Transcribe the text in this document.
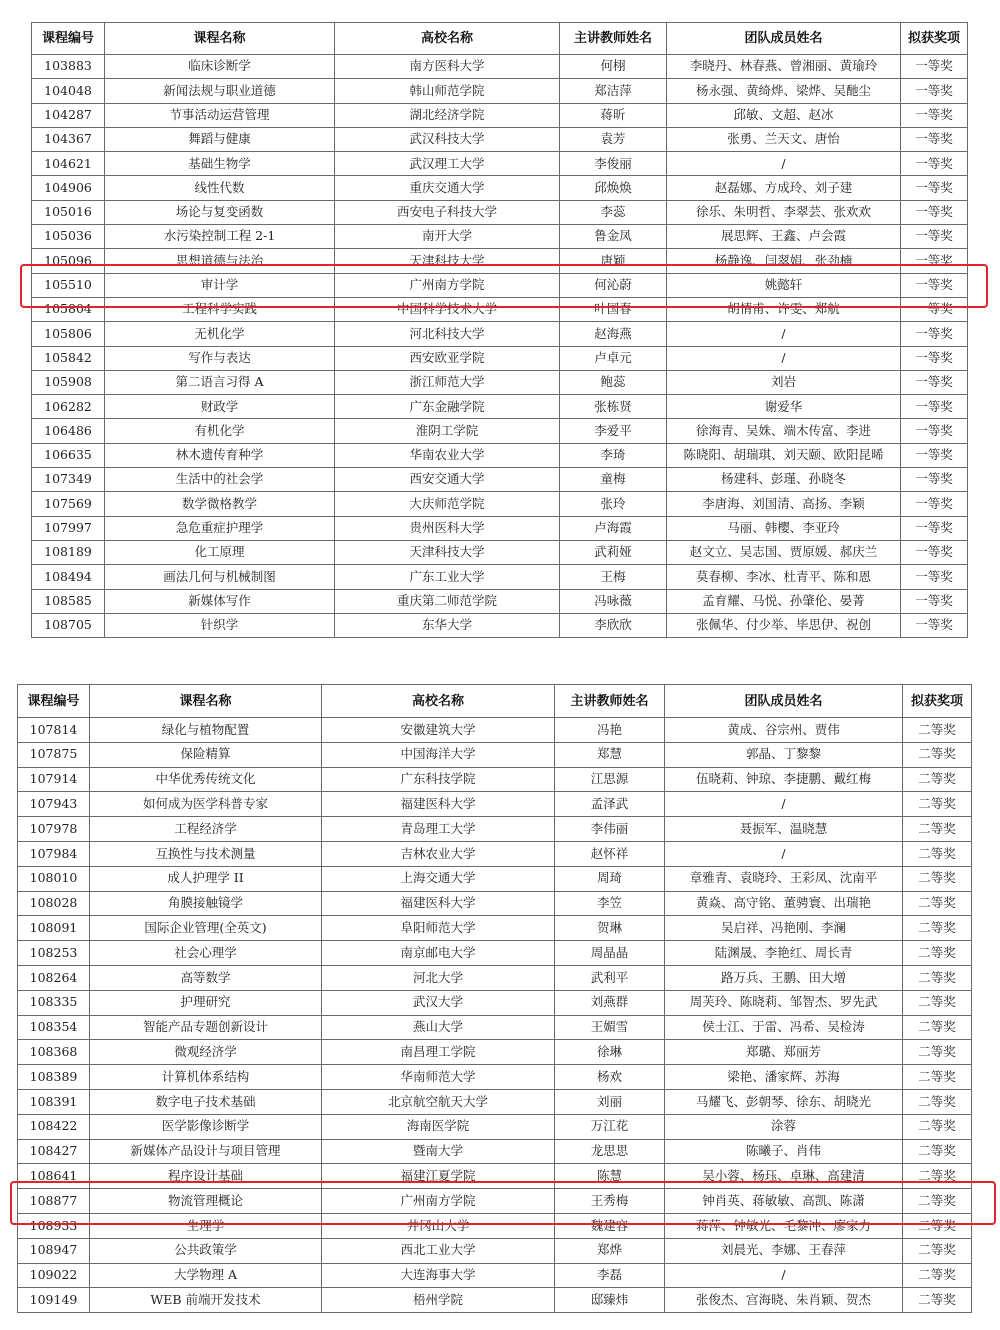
课程编号	课程名称	高校名称	主讲教师姓名	团队成员姓名	拟获奖项
103883	临床诊断学	南方医科大学	何栩	李晓丹、林春燕、曾湘丽、黄瑜玲	一等奖
104048	新闻法规与职业道德	韩山师范学院	郑洁萍	杨永强、黄绮烨、梁烨、吴酏尘	一等奖
104287	节事活动运营管理	湖北经济学院	蒋昕	邱敏、文超、赵冰	一等奖
104367	舞蹈与健康	武汉科技大学	袁芳	张勇、兰天文、唐怡	一等奖
104621	基础生物学	武汉理工大学	李俊丽	/	一等奖
104906	线性代数	重庆交通大学	邱焕焕	赵磊娜、方成玲、刘子建	一等奖
105016	场论与复变函数	西安电子科技大学	李蕊	徐乐、朱明哲、李翠芸、张欢欢	一等奖
105036	水污染控制工程 2-1	南开大学	鲁金凤	展思辉、王鑫、卢会霞	一等奖
105096	思想道德与法治	天津科技大学	唐颖	杨静逸、闫翠娟、张劲楠	一等奖
105510	审计学	广州南方学院	何沁蔚	姚懿轩	一等奖
105804	工程科学实践	中国科学技术大学	叶国春	胡情甫、许雯、郑航	一等奖
105806	无机化学	河北科技大学	赵海燕	/	一等奖
105842	写作与表达	西安欧亚学院	卢卓元	/	一等奖
105908	第二语言习得 A	浙江师范大学	鲍蕊	刘岩	一等奖
106282	财政学	广东金融学院	张栋贤	谢爱华	一等奖
106486	有机化学	淮阴工学院	李爱平	徐海青、吴姝、端木传富、李进	一等奖
106635	林木遗传育种学	华南农业大学	李琦	陈晓阳、胡瑞琪、刘天颐、欧阳昆晞	一等奖
107349	生活中的社会学	西安交通大学	童梅	杨建科、彭瑾、孙晓冬	一等奖
107569	数学微格教学	大庆师范学院	张玲	李唐海、刘国清、高扬、李颖	一等奖
107997	急危重症护理学	贵州医科大学	卢海霞	马丽、韩樱、李亚玲	一等奖
108189	化工原理	天津科技大学	武莉娅	赵文立、吴志国、贾原媛、郝庆兰	一等奖
108494	画法几何与机械制图	广东工业大学	王梅	莫春柳、李冰、杜青平、陈和恩	一等奖
108585	新媒体写作	重庆第二师范学院	冯咏薇	孟育耀、马悦、孙肇伦、晏菁	一等奖
108705	针织学	东华大学	李欣欣	张佩华、付少举、毕思伊、祝创	一等奖
课程编号	课程名称	高校名称	主讲教师姓名	团队成员姓名	拟获奖项
107814	绿化与植物配置	安徽建筑大学	冯艳	黄成、谷宗州、贾伟	二等奖
107875	保险精算	中国海洋大学	郑慧	郭晶、丁黎黎	二等奖
107914	中华优秀传统文化	广东科技学院	江思源	伍晓莉、钟琼、李捷鹏、戴红梅	二等奖
107943	如何成为医学科普专家	福建医科大学	孟泽武	/	二等奖
107978	工程经济学	青岛理工大学	李伟丽	聂振军、温晓慧	二等奖
107984	互换性与技术测量	吉林农业大学	赵怀祥	/	二等奖
108010	成人护理学 II	上海交通大学	周琦	章雅青、袁晓玲、王彩凤、沈南平	二等奖
108028	角膜接触镜学	福建医科大学	李笠	黄焱、高守铭、董骋寰、出瑞艳	二等奖
108091	国际企业管理(全英文)	阜阳师范大学	贺琳	吴启祥、冯艳刚、李澜	二等奖
108253	社会心理学	南京邮电大学	周晶晶	陆渊晟、李艳红、周长青	二等奖
108264	高等数学	河北大学	武利平	路万兵、王鹏、田大增	二等奖
108335	护理研究	武汉大学	刘燕群	周芙玲、陈晓莉、邹智杰、罗先武	二等奖
108354	智能产品专题创新设计	燕山大学	王媚雪	侯士江、于雷、冯希、吴检涛	二等奖
108368	微观经济学	南昌理工学院	徐琳	郑璐、郑丽芳	二等奖
108389	计算机体系结构	华南师范大学	杨欢	梁艳、潘家辉、苏海	二等奖
108391	数字电子技术基础	北京航空航天大学	刘丽	马耀飞、彭朝琴、徐东、胡晓光	二等奖
108422	医学影像诊断学	海南医学院	万江花	涂蓉	二等奖
108427	新媒体产品设计与项目管理	暨南大学	龙思思	陈曦子、肖伟	二等奖
108641	程序设计基础	福建江夏学院	陈慧	吴小蓉、杨珏、卓琳、高建清	二等奖
108877	物流管理概论	广州南方学院	王秀梅	钟肖英、蒋敏敏、高凯、陈潇	二等奖
108933	生理学	井冈山大学	魏建容	蒋萍、钟敏光、毛黎冲、廖家力	二等奖
108947	公共政策学	西北工业大学	郑烨	刘晨光、李娜、王春萍	二等奖
109022	大学物理 A	大连海事大学	李磊	/	二等奖
109149	WEB 前端开发技术	梧州学院	邸臻炜	张俊杰、宫海晓、朱肖颖、贺杰	二等奖
